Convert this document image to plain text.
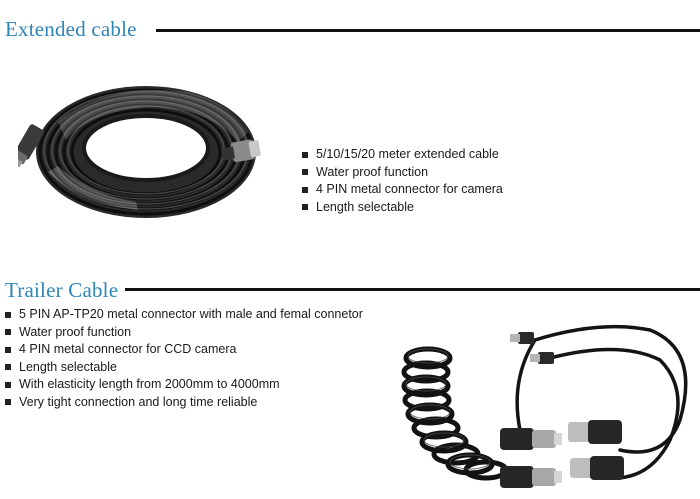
Extended cable
5/10/15/20 meter extended cable
Water proof function
4 PIN metal connector for camera
Length selectable
Trailer Cable
5 PIN AP-TP20 metal connector with male and femal connetor
Water proof function
4 PIN metal connector for CCD camera
Length selectable
With elasticity length from 2000mm to 4000mm
Very tight connection and long time reliable
